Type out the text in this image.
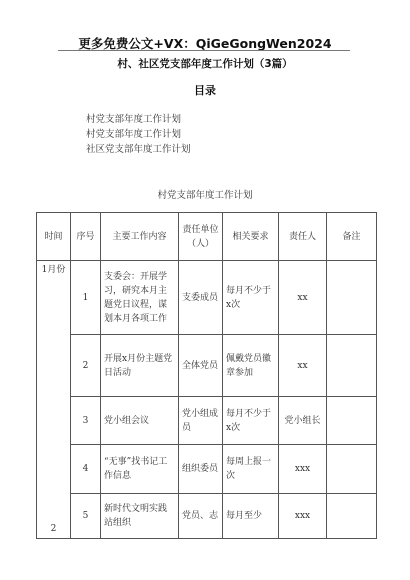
更多免费公文+VX：QiGeGongWen2024
村、社区党支部年度工作计划（3篇）
目录
村党支部年度工作计划
村党支部年度工作计划
社区党支部年度工作计划
村党支部年度工作计划
时间	序号	主要工作内容	责任单位（人）	相关要求	责任人	备注
1月份	1	支委会：开展学习，研究本月主题党日议程，谋划本月各项工作	支委成员	每月不少于x次	xx	
	2	开展x月份主题党日活动	全体党员	佩戴党员徽章参加	xx	
	3	党小组会议	党小组成员	每月不少于x次	党小组长	
	4	“无事”找书记工作信息	组织委员	每周上报一次	xxx	
2	5	新时代文明实践站组织	党员、志	每月至少	xxx	
